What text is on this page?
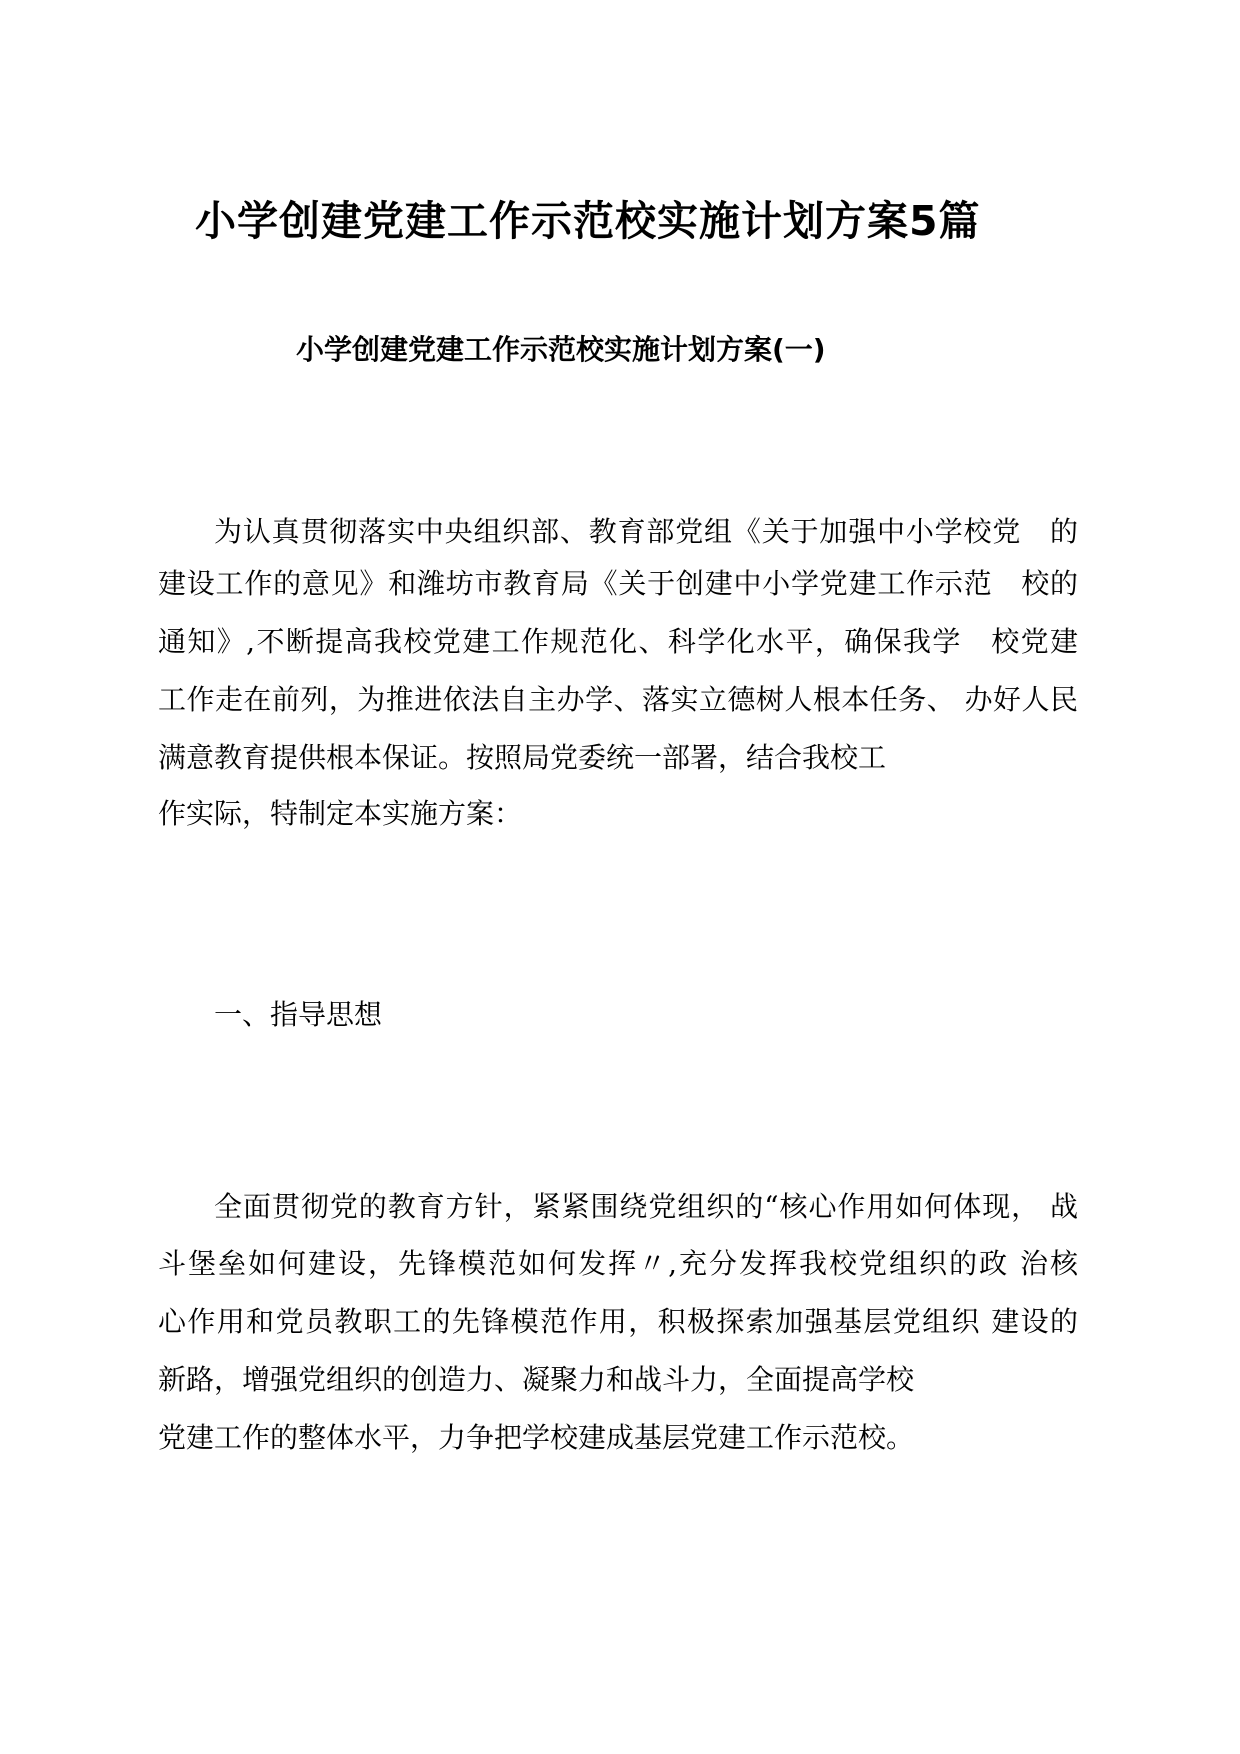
小学创建党建工作示范校实施计划方案5篇
小学创建党建工作示范校实施计划方案(一)

为认真贯彻落实中央组织部、教育部党组《关于加强中小学校党　的

建设工作的意见》和潍坊市教育局《关于创建中小学党建工作示范　校的

通知》,不断提高我校党建工作规范化、科学化水平，确保我学　校党建

工作走在前列，为推进依法自主办学、落实立德树人根本任务、 办好人民

满意教育提供根本保证。按照局党委统一部署，结合我校工

作实际，特制定本实施方案：

一、指导思想

全面贯彻党的教育方针，紧紧围绕党组织的“核心作用如何体现， 战

斗堡垒如何建设，先锋模范如何发挥〃,充分发挥我校党组织的政 治核

心作用和党员教职工的先锋模范作用，积极探索加强基层党组织 建设的

新路，增强党组织的创造力、凝聚力和战斗力，全面提高学校

党建工作的整体水平，力争把学校建成基层党建工作示范校。
